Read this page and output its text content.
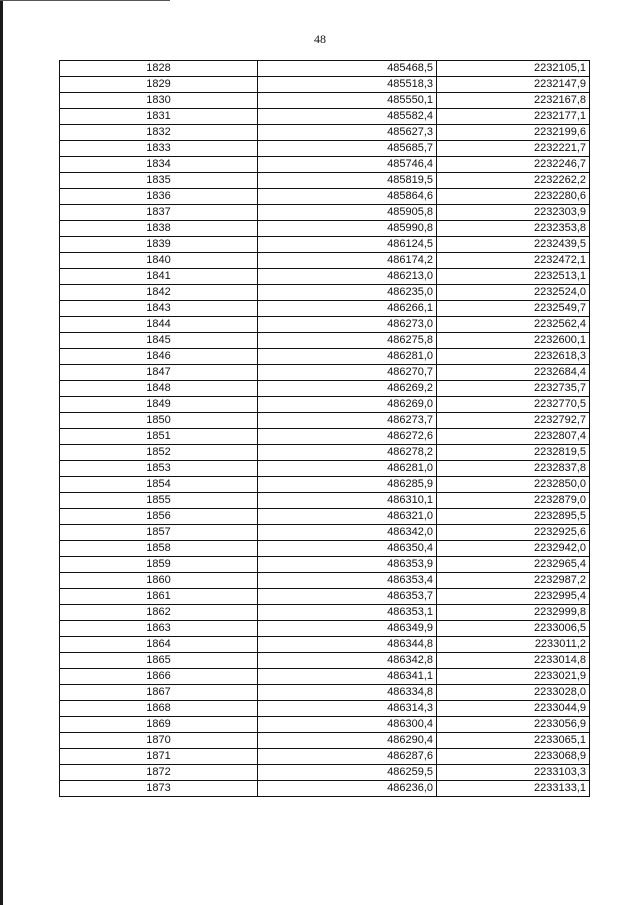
48
1828	485468,5	2232105,1
1829	485518,3	2232147,9
1830	485550,1	2232167,8
1831	485582,4	2232177,1
1832	485627,3	2232199,6
1833	485685,7	2232221,7
1834	485746,4	2232246,7
1835	485819,5	2232262,2
1836	485864,6	2232280,6
1837	485905,8	2232303,9
1838	485990,8	2232353,8
1839	486124,5	2232439,5
1840	486174,2	2232472,1
1841	486213,0	2232513,1
1842	486235,0	2232524,0
1843	486266,1	2232549,7
1844	486273,0	2232562,4
1845	486275,8	2232600,1
1846	486281,0	2232618,3
1847	486270,7	2232684,4
1848	486269,2	2232735,7
1849	486269,0	2232770,5
1850	486273,7	2232792,7
1851	486272,6	2232807,4
1852	486278,2	2232819,5
1853	486281,0	2232837,8
1854	486285,9	2232850,0
1855	486310,1	2232879,0
1856	486321,0	2232895,5
1857	486342,0	2232925,6
1858	486350,4	2232942,0
1859	486353,9	2232965,4
1860	486353,4	2232987,2
1861	486353,7	2232995,4
1862	486353,1	2232999,8
1863	486349,9	2233006,5
1864	486344,8	2233011,2
1865	486342,8	2233014,8
1866	486341,1	2233021,9
1867	486334,8	2233028,0
1868	486314,3	2233044,9
1869	486300,4	2233056,9
1870	486290,4	2233065,1
1871	486287,6	2233068,9
1872	486259,5	2233103,3
1873	486236,0	2233133,1
